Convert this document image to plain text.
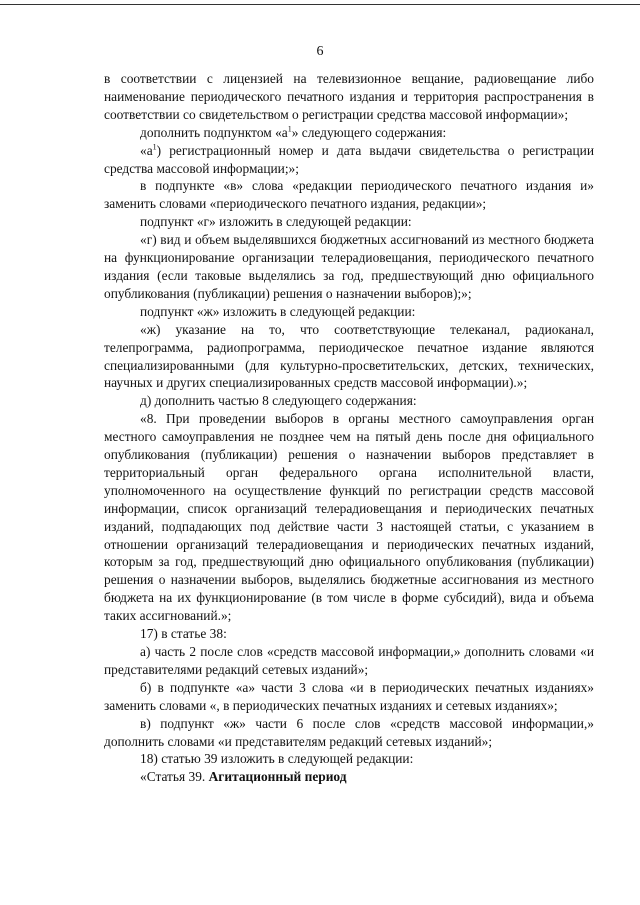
6

в соответствии с лицензией на телевизионное вещание, радиовещание либо наименование периодического печатного издания и территория распространения в соответствии со свидетельством о регистрации средства массовой информации»;

дополнить подпунктом «$а^1$» следующего содержания:

«$а^1$) регистрационный номер и дата выдачи свидетельства о регистрации средства массовой информации;»;

в подпункте «в» слова «редакции периодического печатного издания и» заменить словами «периодического печатного издания, редакции»;

подпункт «г» изложить в следующей редакции:

«г) вид и объем выделявшихся бюджетных ассигнований из местного бюджета на функционирование организации телерадиовещания, периодического печатного издания (если таковые выделялись за год, предшествующий дню официального опубликования (публикации) решения о назначении выборов);»;

подпункт «ж» изложить в следующей редакции:

«ж) указание на то, что соответствующие телеканал, радиоканал, телепрограмма, радиопрограмма, периодическое печатное издание являются специализированными (для культурно-просветительских, детских, технических, научных и других специализированных средств массовой информации).»;

д) дополнить частью 8 следующего содержания:

«8. При проведении выборов в органы местного самоуправления орган местного самоуправления не позднее чем на пятый день после дня официального опубликования (публикации) решения о назначении выборов представляет в территориальный орган федерального органа исполнительной власти, уполномоченного на осуществление функций по регистрации средств массовой информации, список организаций телерадиовещания и периодических печатных изданий, подпадающих под действие части 3 настоящей статьи, с указанием в отношении организаций телерадиовещания и периодических печатных изданий, которым за год, предшествующий дню официального опубликования (публикации) решения о назначении выборов, выделялись бюджетные ассигнования из местного бюджета на их функционирование (в том числе в форме субсидий), вида и объема таких ассигнований.»;

17) в статье 38:

а) часть 2 после слов «средств массовой информации,» дополнить словами «и представителями редакций сетевых изданий»;

б) в подпункте «а» части 3 слова «и в периодических печатных изданиях» заменить словами «, в периодических печатных изданиях и сетевых изданиях»;

в) подпункт «ж» части 6 после слов «средств массовой информации,» дополнить словами «и представителям редакций сетевых изданий»;

18) статью 39 изложить в следующей редакции:

«Статья 39. Агитационный период
